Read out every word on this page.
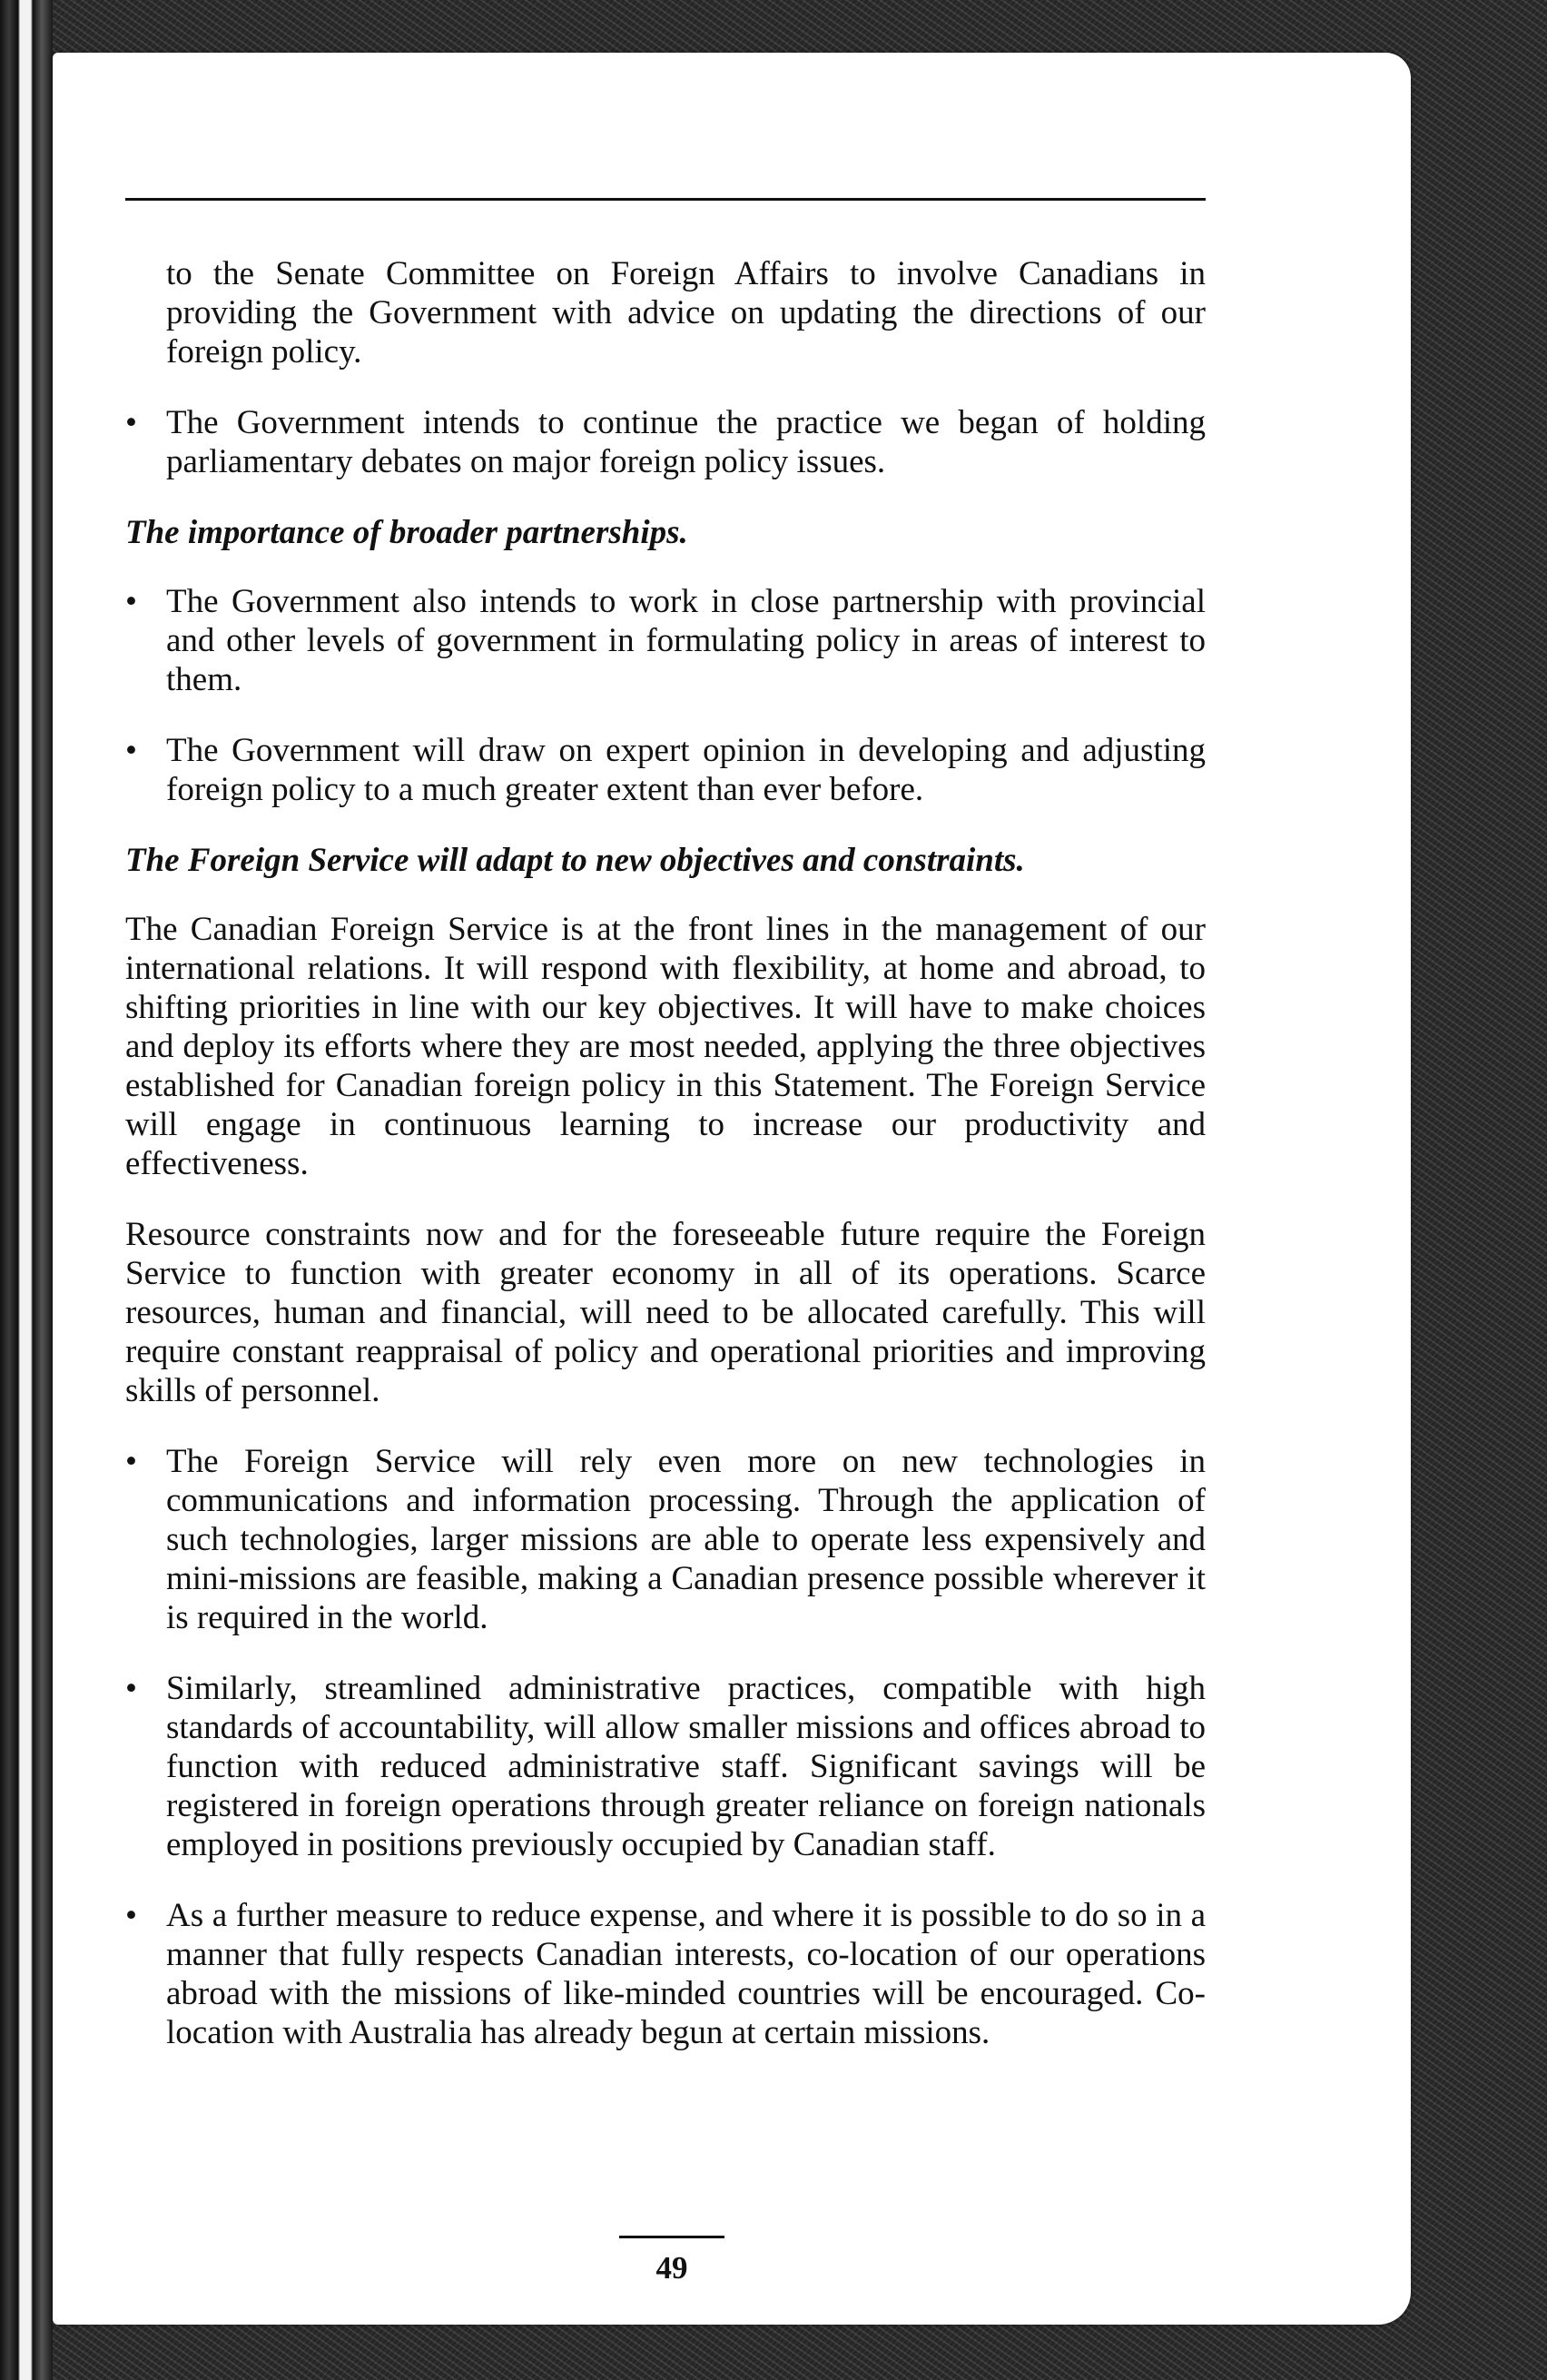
to the Senate Committee on Foreign Affairs to involve Canadians in providing the Government with advice on updating the directions of our foreign policy.

• The Government intends to continue the practice we began of holding parliamentary debates on major foreign policy issues.

The importance of broader partnerships.

• The Government also intends to work in close partnership with provincial and other levels of government in formulating policy in areas of interest to them.
• The Government will draw on expert opinion in developing and adjusting foreign policy to a much greater extent than ever before.

The Foreign Service will adapt to new objectives and constraints.

The Canadian Foreign Service is at the front lines in the management of our international relations. It will respond with flexibility, at home and abroad, to shifting priorities in line with our key objectives. It will have to make choices and deploy its efforts where they are most needed, applying the three objectives established for Canadian foreign policy in this Statement. The Foreign Service will engage in continuous learning to increase our productivity and effectiveness.

Resource constraints now and for the foreseeable future require the Foreign Service to function with greater economy in all of its operations. Scarce resources, human and financial, will need to be allocated carefully. This will require constant reappraisal of policy and operational priorities and improving skills of personnel.

• The Foreign Service will rely even more on new technologies in communications and information processing. Through the application of such technologies, larger missions are able to operate less expensively and mini-missions are feasible, making a Canadian presence possible wherever it is required in the world.
• Similarly, streamlined administrative practices, compatible with high standards of accountability, will allow smaller missions and offices abroad to function with reduced administrative staff. Significant savings will be registered in foreign operations through greater reliance on foreign nationals employed in positions previously occupied by Canadian staff.
• As a further measure to reduce expense, and where it is possible to do so in a manner that fully respects Canadian interests, co-location of our operations abroad with the missions of like-minded countries will be encouraged. Co-location with Australia has already begun at certain missions.
49
